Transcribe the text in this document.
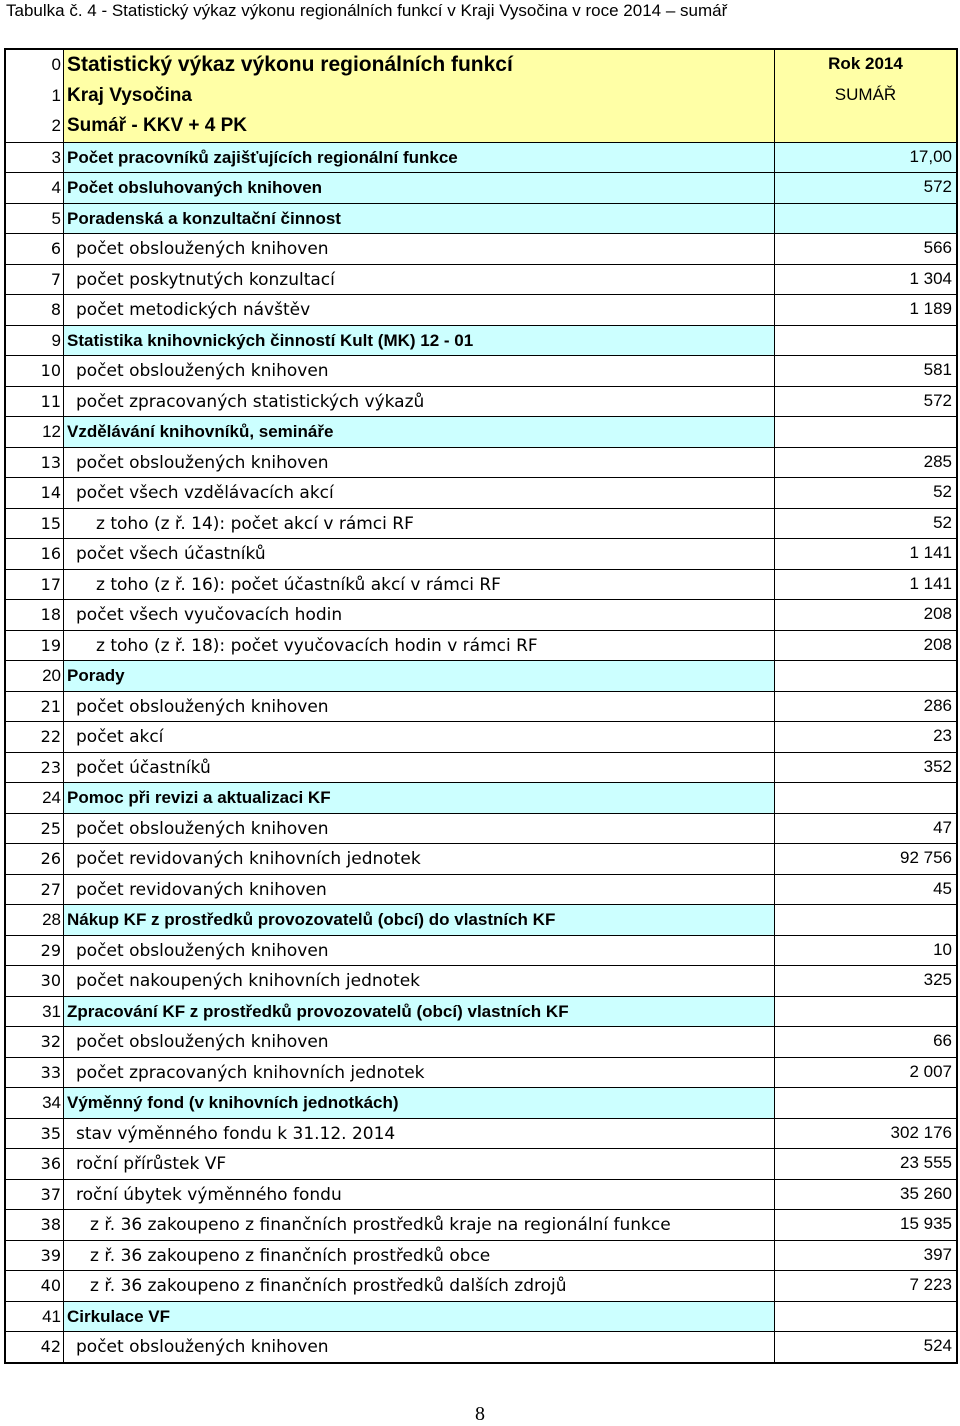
Tabulka č. 4 - Statistický výkaz výkonu regionálních funkcí v Kraji Vysočina v roce 2014 – sumář
0 Statistický výkaz výkonu regionálních funkcí	Rok 2014
1 Kraj Vysočina	SUMÁŘ
2 Sumář - KKV + 4 PK
3 Počet pracovníků zajišťujících regionální funkce	17,00
4 Počet obsluhovaných knihoven	572
5 Poradenská a konzultační činnost
6 počet obsloužených knihoven	566
7 počet poskytnutých konzultací	1 304
8 počet metodických návštěv	1 189
9 Statistika knihovnických činností Kult (MK) 12 - 01
10 počet obsloužených knihoven	581
11 počet zpracovaných statistických výkazů	572
12 Vzdělávání knihovníků, semináře
13 počet obsloužených knihoven	285
14 počet všech vzdělávacích akcí	52
15	z toho (z ř. 14): počet akcí v rámci RF	52
16 počet všech účastníků	1 141
17	z toho (z ř. 16): počet účastníků akcí v rámci RF	1 141
18 počet všech vyučovacích hodin	208
19	z toho (z ř. 18): počet vyučovacích hodin v rámci RF	208
20 Porady
21 počet obsloužených knihoven	286
22 počet akcí	23
23 počet účastníků	352
24 Pomoc při revizi a aktualizaci KF
25 počet obsloužených knihoven	47
26 počet revidovaných knihovních jednotek	92 756
27 počet revidovaných knihoven	45
28 Nákup KF z prostředků provozovatelů (obcí) do vlastních KF
29 počet obsloužených knihoven	10
30 počet nakoupených knihovních jednotek	325
31 Zpracování KF z prostředků provozovatelů (obcí) vlastních KF
32 počet obsloužených knihoven	66
33 počet zpracovaných knihovních jednotek	2 007
34 Výměnný fond (v knihovních jednotkách)
35 stav výměnného fondu k 31.12. 2014	302 176
36 roční přírůstek VF	23 555
37 roční úbytek výměnného fondu	35 260
38	z ř. 36 zakoupeno z finančních prostředků kraje na regionální funkce	15 935
39	z ř. 36 zakoupeno z finančních prostředků obce	397
40	z ř. 36 zakoupeno z finančních prostředků dalších zdrojů	7 223
41 Cirkulace VF
42 počet obsloužených knihoven	524
8
